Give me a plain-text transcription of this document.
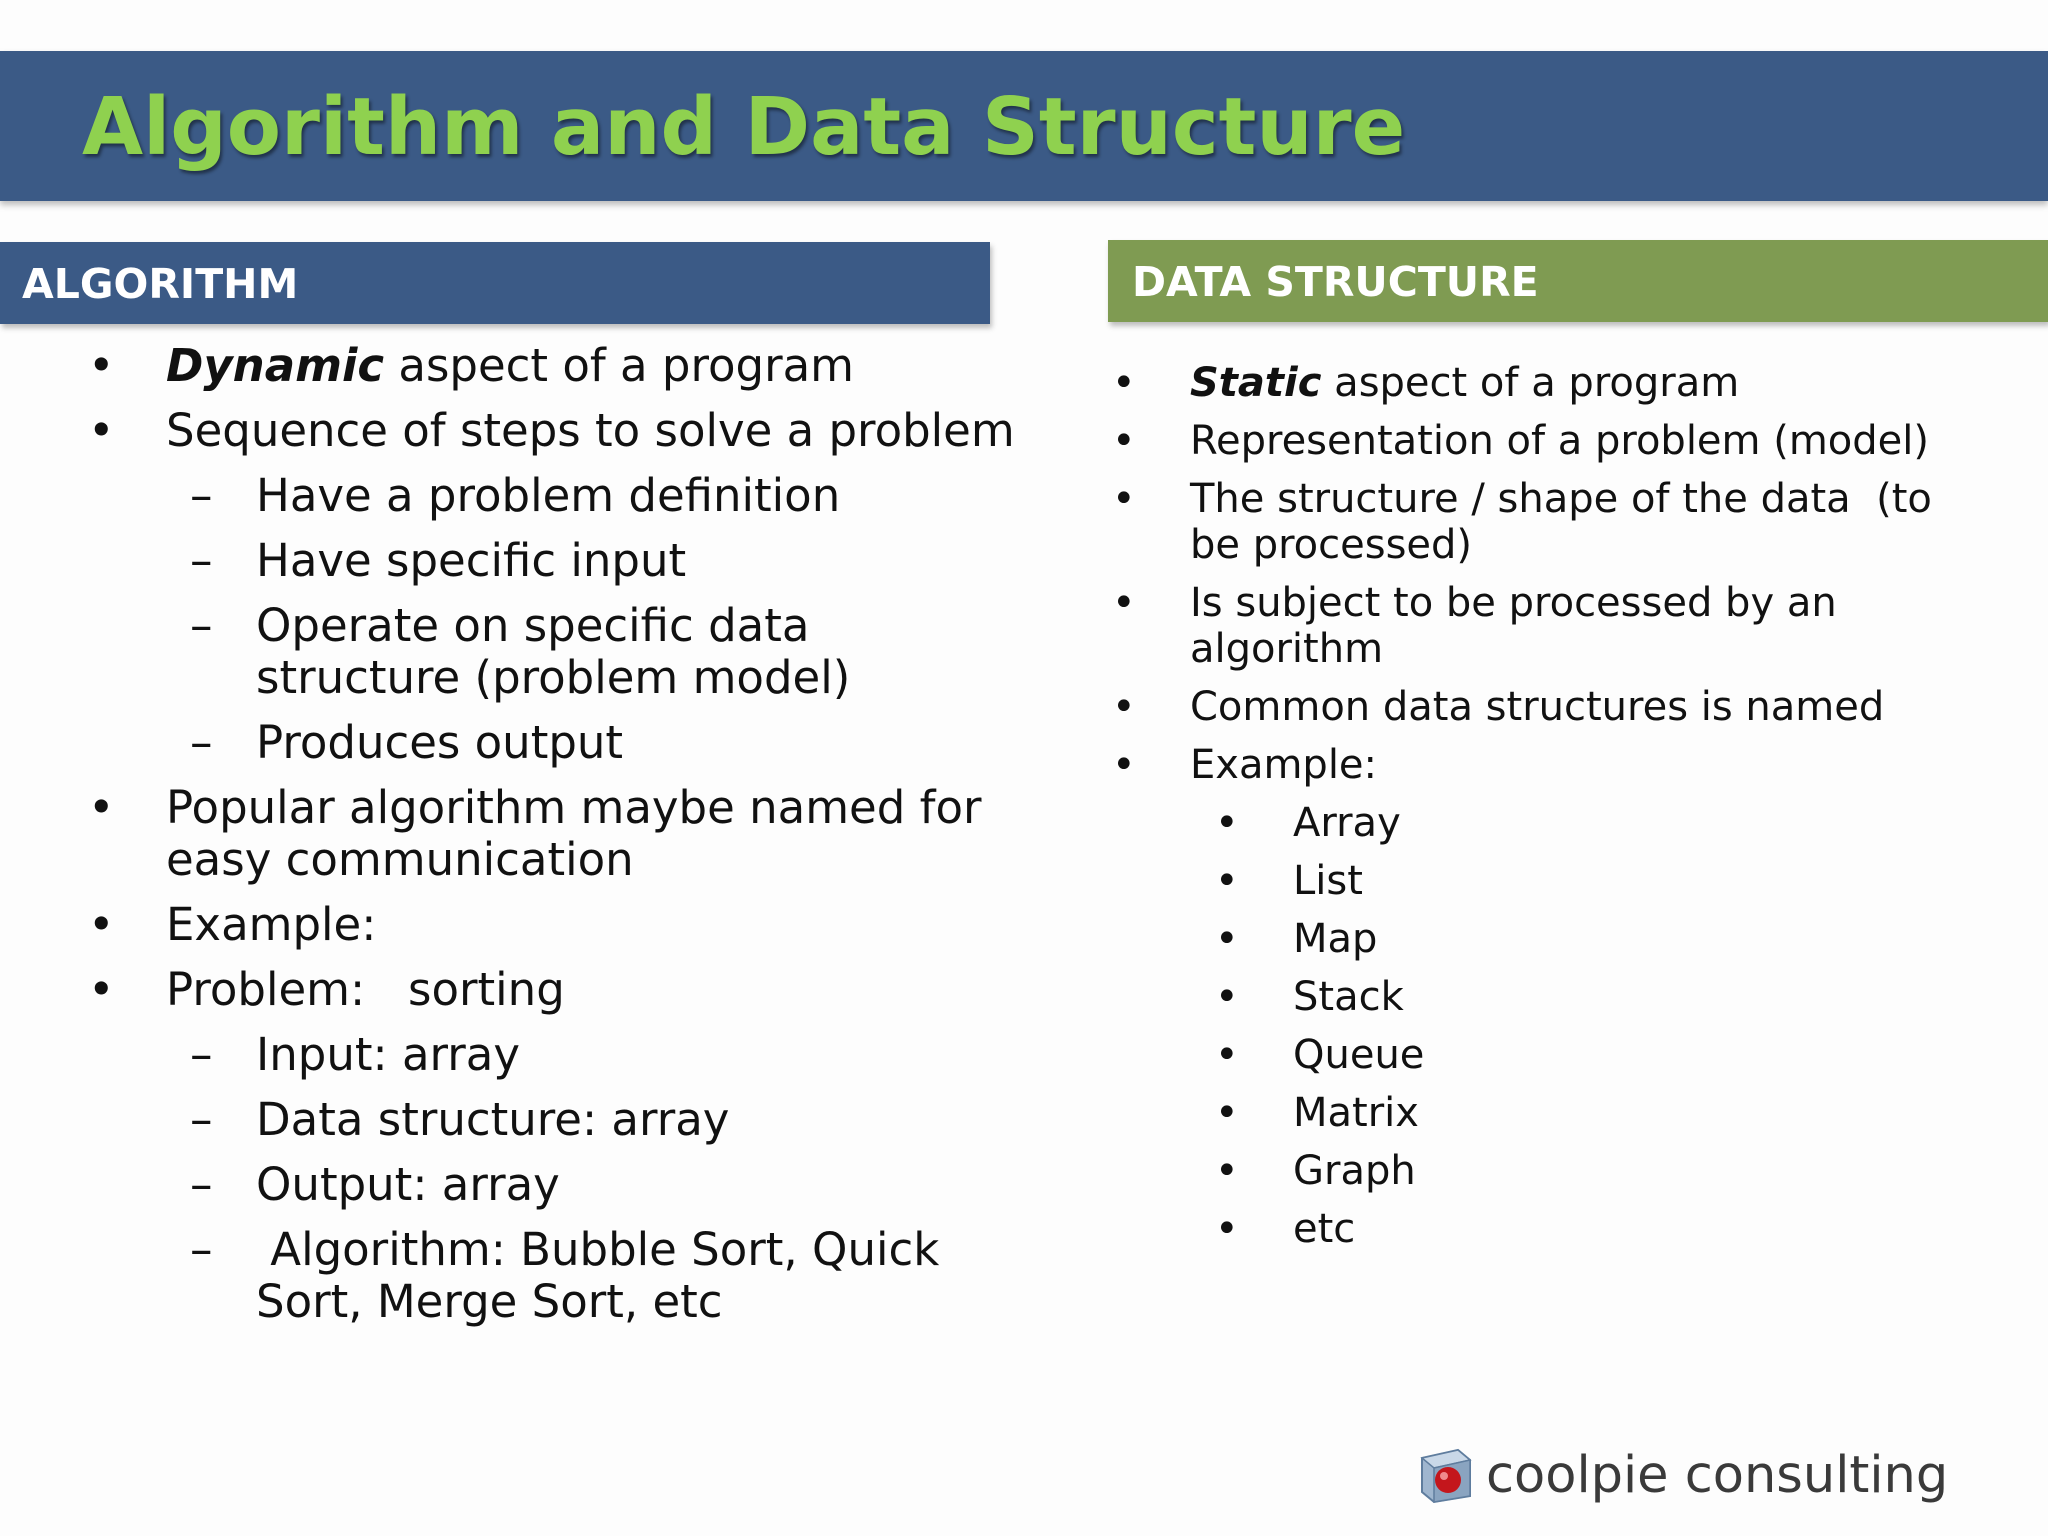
Algorithm and Data Structure
ALGORITHM	DATA STRUCTURE
• Dynamic aspect of a program
• Sequence of steps to solve a problem
– Have a problem definition
– Have specific input
– Operate on specific data
structure (problem model)
– Produces output
• Popular algorithm maybe named for
easy communication
• Example:
• Problem:   sorting
– Input: array
– Data structure: array
– Output: array
– Algorithm: Bubble Sort, Quick
Sort, Merge Sort, etc
• Static aspect of a program
• Representation of a problem (model)
• The structure / shape of the data  (to
be processed)
• Is subject to be processed by an
algorithm
• Common data structures is named
• Example:
• Array
• List
• Map
• Stack
• Queue
• Matrix
• Graph
• etc
coolpie consulting
